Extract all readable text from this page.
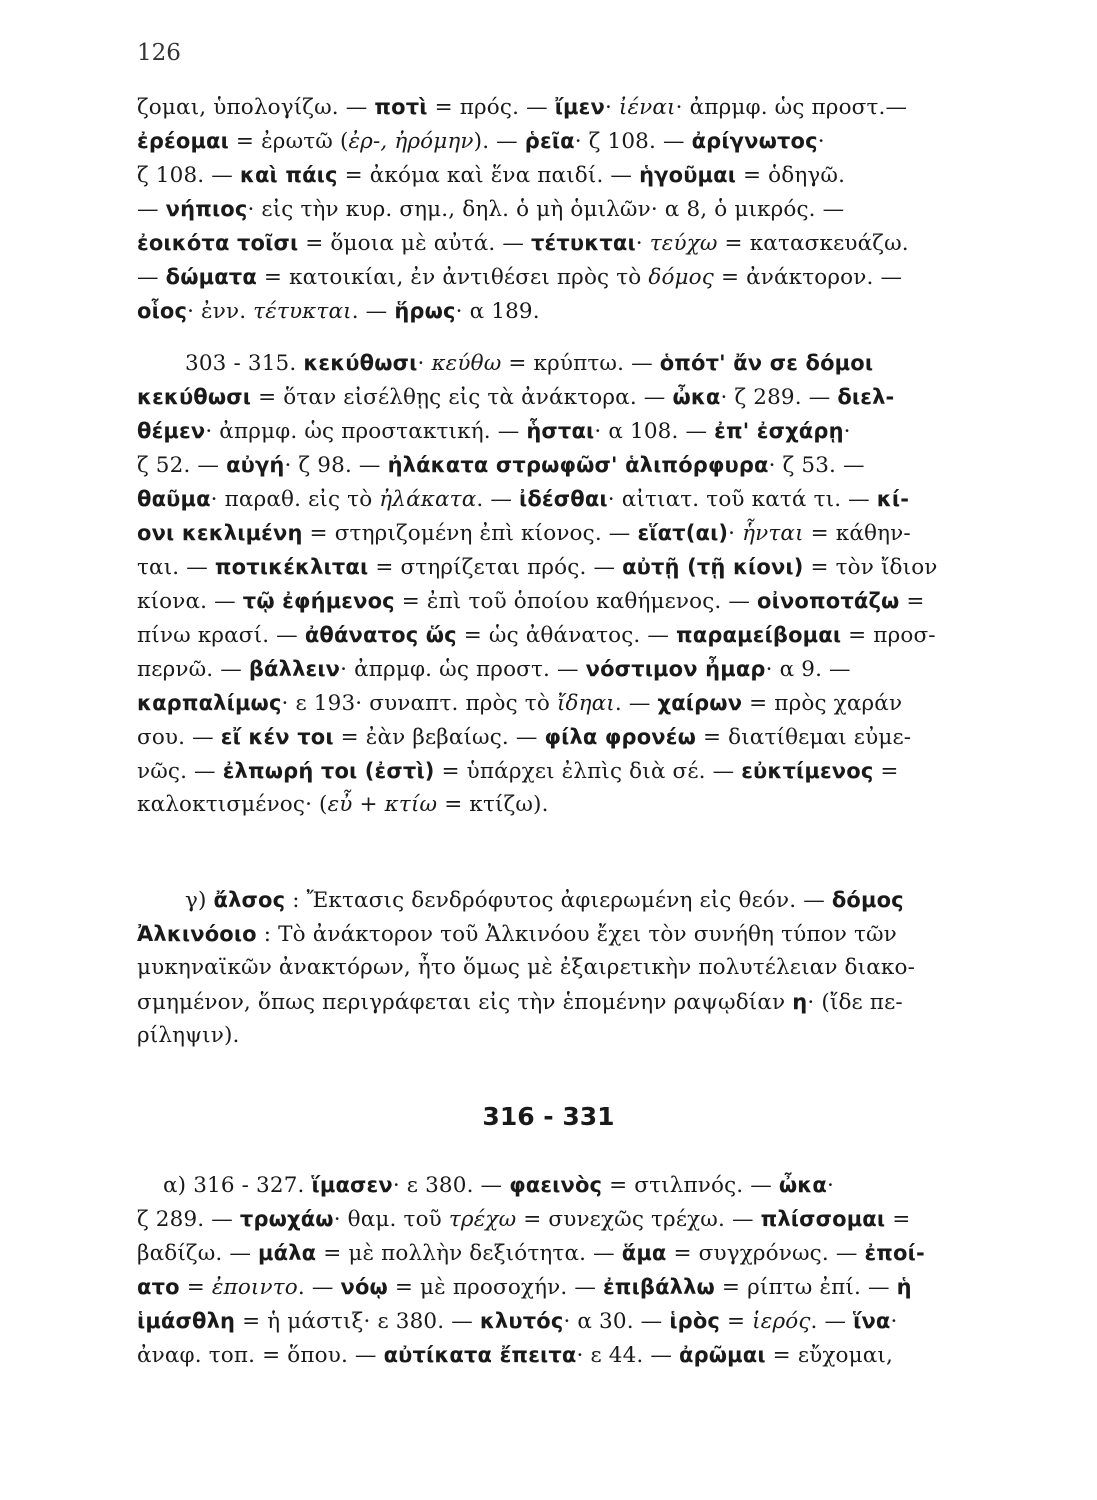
126
ζομαι, ὑπολογίζω. — ποτὶ = πρός. — ἴμεν· ἰέναι· ἀπρμφ. ὡς προστ.—
ἐρέομαι = ἐρωτῶ (ἐρ-, ἠρόμην). — ῥεῖα· ζ 108. — ἀρίγνωτος·
ζ 108. — καὶ πάις = ἀκόμα καὶ ἕνα παιδί. — ἡγοῦμαι = ὁδηγῶ.
— νήπιος· εἰς τὴν κυρ. σημ., δηλ. ὁ μὴ ὁμιλῶν· α 8, ὁ μικρός. —
ἐοικότα τοῖσι = ὅμοια μὲ αὐτά. — τέτυκται· τεύχω = κατασκευάζω.
— δώματα = κατοικίαι, ἐν ἀντιθέσει πρὸς τὸ δόμος = ἀνάκτορον. —
οἷος· ἐνν. τέτυκται. — ἥρως· α 189.
303 - 315. κεκύθωσι· κεύθω = κρύπτω. — ὁπότ' ἄν σε δόμοι
κεκύθωσι = ὅταν εἰσέλθῃς εἰς τὰ ἀνάκτορα. — ὦκα· ζ 289. — διελ-
θέμεν· ἀπρμφ. ὡς προστακτική. — ἧσται· α 108. — ἐπ' ἐσχάρῃ·
ζ 52. — αὐγή· ζ 98. — ἠλάκατα στρωφῶσ' ἁλιπόρφυρα· ζ 53. —
θαῦμα· παραθ. εἰς τὸ ἠλάκατα. — ἰδέσθαι· αἰτιατ. τοῦ κατά τι. — κί-
ονι κεκλιμένη = στηριζομένη ἐπὶ κίονος. — εἵατ(αι)· ἧνται = κάθην-
ται. — ποτικέκλιται = στηρίζεται πρός. — αὐτῇ (τῇ κίονι) = τὸν ἴδιον
κίονα. — τῷ ἐφήμενος = ἐπὶ τοῦ ὁποίου καθήμενος. — οἰνοποτάζω =
πίνω κρασί. — ἀθάνατος ὥς = ὡς ἀθάνατος. — παραμείβομαι = προσ-
περνῶ. — βάλλειν· ἀπρμφ. ὡς προστ. — νόστιμον ἦμαρ· α 9. —
καρπαλίμως· ε 193· συναπτ. πρὸς τὸ ἴδηαι. — χαίρων = πρὸς χαράν
σου. — εἴ κέν τοι = ἐὰν βεβαίως. — φίλα φρονέω = διατίθεμαι εὐμε-
νῶς. — ἐλπωρή τοι (ἐστὶ) = ὑπάρχει ἐλπὶς διὰ σέ. — εὐκτίμενος =
καλοκτισμένος· (εὖ + κτίω = κτίζω).
γ) ἄλσος : Ἔκτασις δενδρόφυτος ἀφιερωμένη εἰς θεόν. — δόμος
Ἀλκινόοιο : Τὸ ἀνάκτορον τοῦ Ἀλκινόου ἔχει τὸν συνήθη τύπον τῶν
μυκηναϊκῶν ἀνακτόρων, ἦτο ὅμως μὲ ἐξαιρετικὴν πολυτέλειαν διακο-
σμημένον, ὅπως περιγράφεται εἰς τὴν ἑπομένην ραψῳδίαν η· (ἴδε πε-
ρίληψιν).
316 - 331
α) 316 - 327. ἵμασεν· ε 380. — φαεινὸς = στιλπνός. — ὦκα·
ζ 289. — τρωχάω· θαμ. τοῦ τρέχω = συνεχῶς τρέχω. — πλίσσομαι =
βαδίζω. — μάλα = μὲ πολλὴν δεξιότητα. — ἅμα = συγχρόνως. — ἐποί-
ατο = ἐποιντο. — νόῳ = μὲ προσοχήν. — ἐπιβάλλω = ρίπτω ἐπί. — ἡ
ἱμάσθλη = ἡ μάστιξ· ε 380. — κλυτός· α 30. — ἱρὸς = ἱερός. — ἵνα·
ἀναφ. τοπ. = ὅπου. — αὐτίκατα ἔπειτα· ε 44. — ἀρῶμαι = εὔχομαι,
